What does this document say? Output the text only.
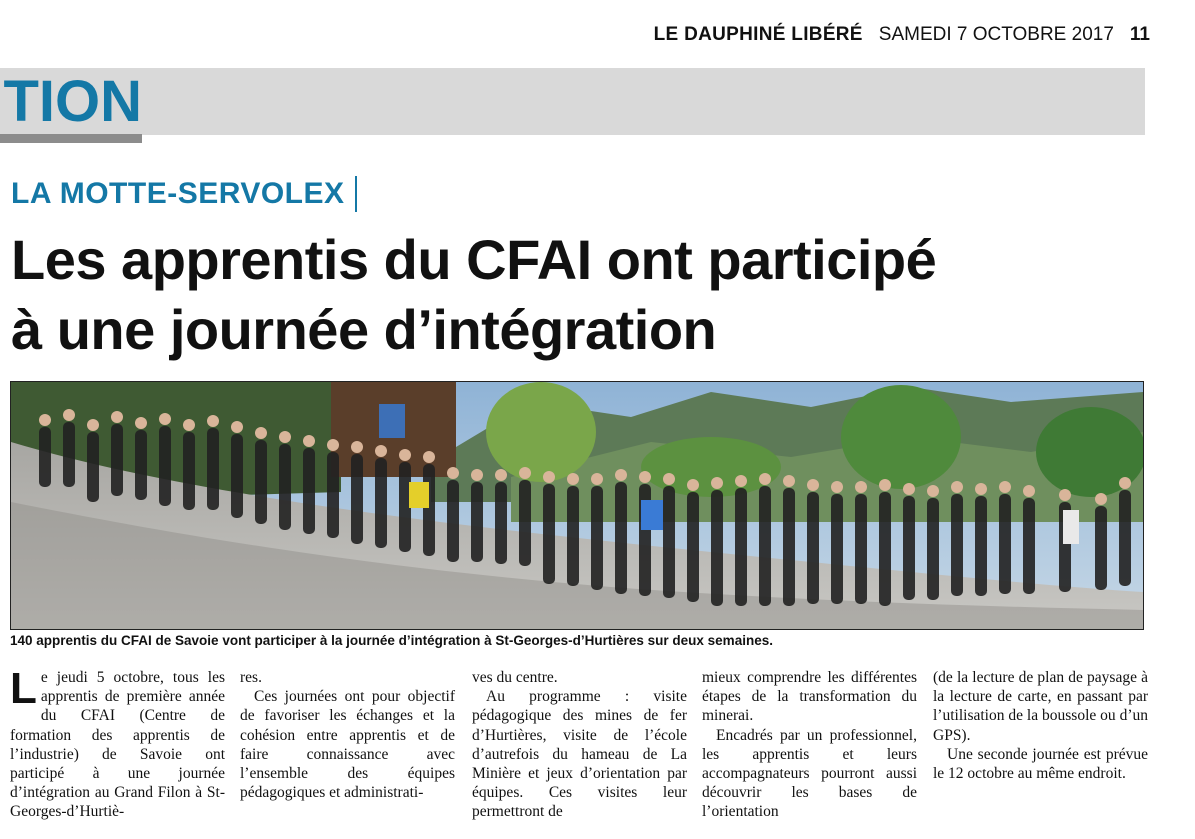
LE DAUPHINÉ LIBÉRÉ SAMEDI 7 OCTOBRE 2017 11
TION
LA MOTTE-SERVOLEX
Les apprentis du CFAI ont participé
à une journée d’intégration
140 apprentis du CFAI de Savoie vont participer à la journée d’intégration à St-Georges-d’Hurtières sur deux semaines.

Le jeudi 5 octobre, tous les apprentis de première année du CFAI (Centre de formation des apprentis de l’industrie) de Savoie ont participé à une journée d’intégration au Grand Filon à St-Georges-d’Hurtiè-

res.

Ces journées ont pour objectif de favoriser les échanges et la cohésion entre apprentis et de faire connaissance avec l’ensemble des équipes pédagogiques et administrati-

ves du centre.

Au programme : visite pédagogique des mines de fer d’Hurtières, visite de l’école d’autrefois du hameau de La Minière et jeux d’orientation par équipes. Ces visites leur permettront de

mieux comprendre les différentes étapes de la transformation du minerai.

Encadrés par un professionnel, les apprentis et leurs accompagnateurs pourront aussi découvrir les bases de l’orientation

(de la lecture de plan de paysage à la lecture de carte, en passant par l’utilisation de la boussole ou d’un GPS).

Une seconde journée est prévue le 12 octobre au même endroit.
